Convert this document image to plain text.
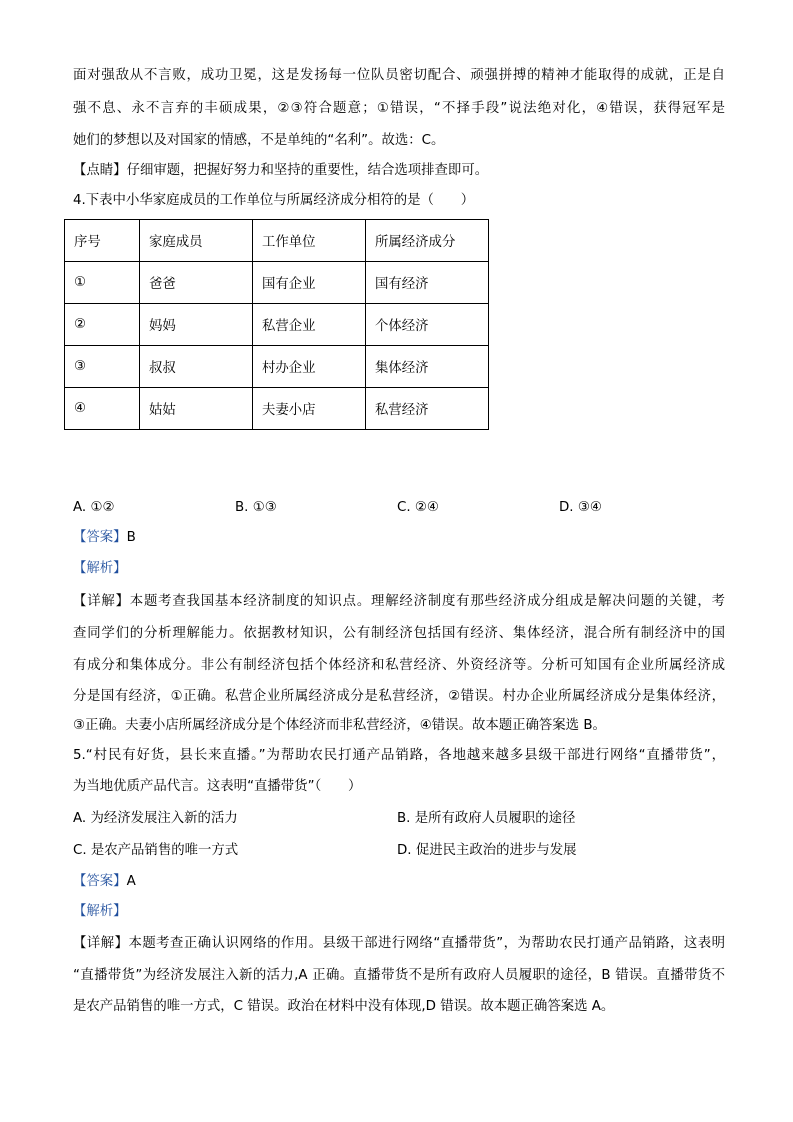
面对强敌从不言败，成功卫冕，这是发扬每一位队员密切配合、顽强拼搏的精神才能取得的成就，正是自
强不息、永不言弃的丰硕成果，②③符合题意；①错误，“不择手段”说法绝对化，④错误，获得冠军是
她们的梦想以及对国家的情感，不是单纯的“名利”。故选：C。
【点睛】仔细审题，把握好努力和坚持的重要性，结合选项排查即可。
4.下表中小华家庭成员的工作单位与所属经济成分相符的是（　　）
序号	家庭成员	工作单位	所属经济成分
①	爸爸	国有企业	国有经济
②	妈妈	私营企业	个体经济
③	叔叔	村办企业	集体经济
④	姑姑	夫妻小店	私营经济
A. ①②	B. ①③	C. ②④	D. ③④
【答案】B
【解析】
【详解】本题考查我国基本经济制度的知识点。理解经济制度有那些经济成分组成是解决问题的关键，考
查同学们的分析理解能力。依据教材知识，公有制经济包括国有经济、集体经济，混合所有制经济中的国
有成分和集体成分。非公有制经济包括个体经济和私营经济、外资经济等。分析可知国有企业所属经济成
分是国有经济，①正确。私营企业所属经济成分是私营经济，②错误。村办企业所属经济成分是集体经济，
③正确。夫妻小店所属经济成分是个体经济而非私营经济，④错误。故本题正确答案选 B。
5.“村民有好货，县长来直播。”为帮助农民打通产品销路，各地越来越多县级干部进行网络“直播带货”，
为当地优质产品代言。这表明“直播带货”（　　）
A. 为经济发展注入新的活力	B. 是所有政府人员履职的途径
C. 是农产品销售的唯一方式	D. 促进民主政治的进步与发展
【答案】A
【解析】
【详解】本题考查正确认识网络的作用。县级干部进行网络“直播带货”，为帮助农民打通产品销路，这表明
“直播带货”为经济发展注入新的活力,A 正确。直播带货不是所有政府人员履职的途径，B 错误。直播带货不
是农产品销售的唯一方式，C 错误。政治在材料中没有体现,D 错误。故本题正确答案选 A。
